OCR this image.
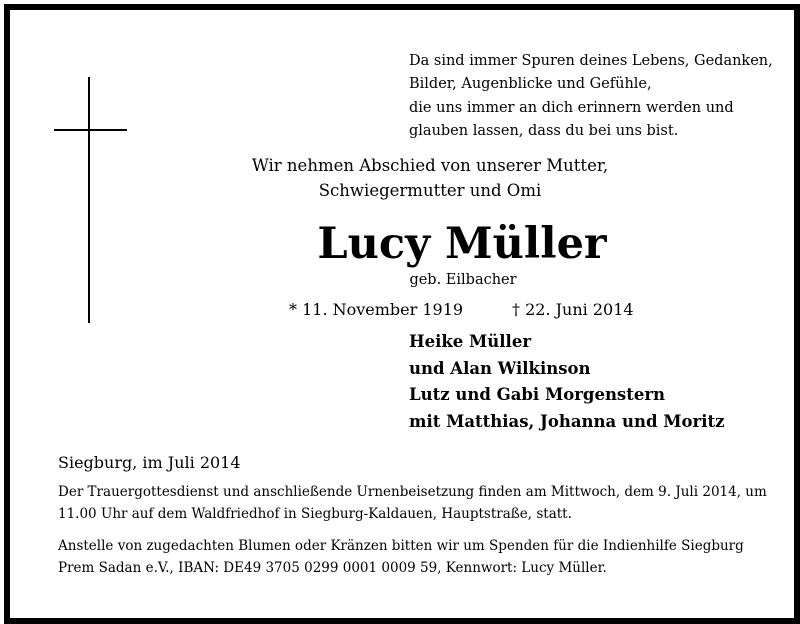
Da sind immer Spuren deines Lebens, Gedanken,
Bilder, Augenblicke und Gefühle,
die uns immer an dich erinnern werden und
glauben lassen, dass du bei uns bist.
Wir nehmen Abschied von unserer Mutter,
Schwiegermutter und Omi
Lucy Müller
geb. Eilbacher
* 11. November 1919	† 22. Juni 2014
Heike Müller
und Alan Wilkinson
Lutz und Gabi Morgenstern
mit Matthias, Johanna und Moritz
Siegburg, im Juli 2014
Der Trauergottesdienst und anschließende Urnenbeisetzung finden am Mittwoch, dem 9. Juli 2014, um
11.00 Uhr auf dem Waldfriedhof in Siegburg-Kaldauen, Hauptstraße, statt.
Anstelle von zugedachten Blumen oder Kränzen bitten wir um Spenden für die Indienhilfe Siegburg
Prem Sadan e.V., IBAN: DE49 3705 0299 0001 0009 59, Kennwort: Lucy Müller.
